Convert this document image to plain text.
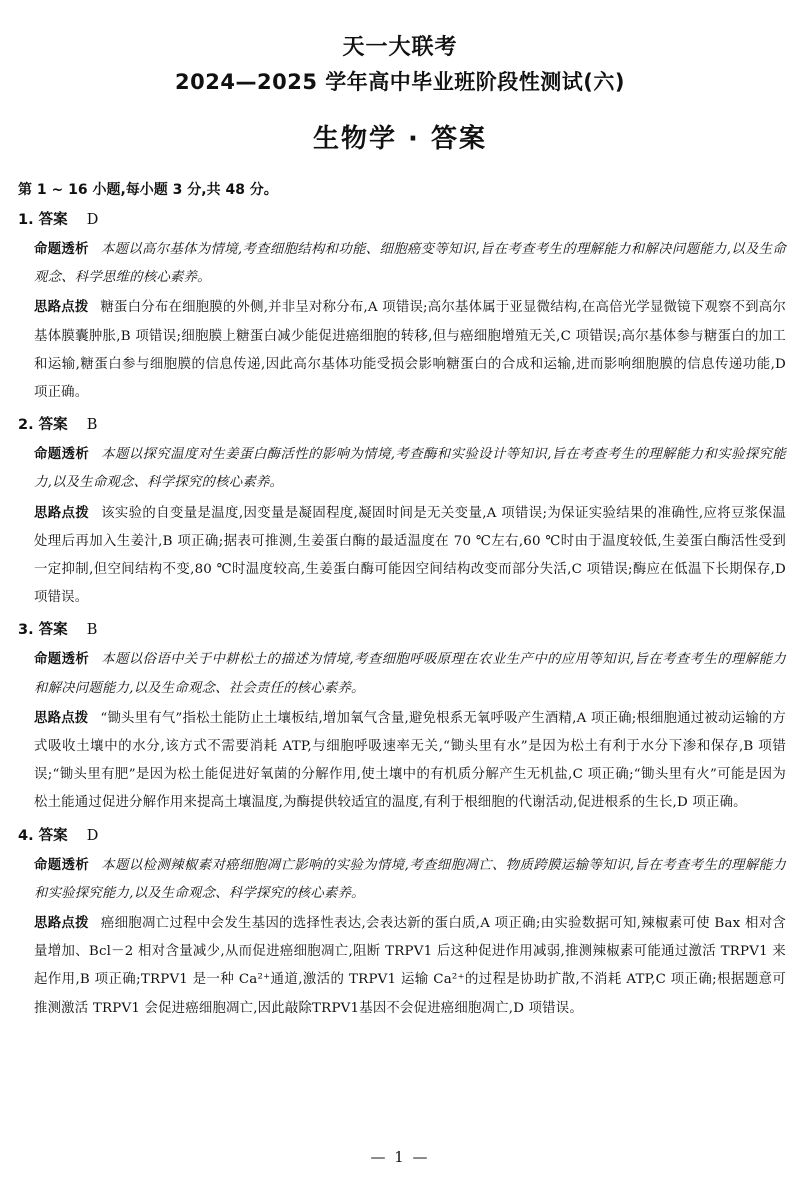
天一大联考
2024—2025 学年高中毕业班阶段性测试(六)
生物学 · 答案
第 1 ~ 16 小题,每小题 3 分,共 48 分。
1. 答案 D
命题透析 本题以高尔基体为情境,考查细胞结构和功能、细胞癌变等知识,旨在考查考生的理解能力和解决问题能力,以及生命观念、科学思维的核心素养。
思路点拨 糖蛋白分布在细胞膜的外侧,并非呈对称分布,A 项错误;高尔基体属于亚显微结构,在高倍光学显微镜下观察不到高尔基体膜囊肿胀,B 项错误;细胞膜上糖蛋白减少能促进癌细胞的转移,但与癌细胞增殖无关,C 项错误;高尔基体参与糖蛋白的加工和运输,糖蛋白参与细胞膜的信息传递,因此高尔基体功能受损会影响糖蛋白的合成和运输,进而影响细胞膜的信息传递功能,D 项正确。
2. 答案 B
命题透析 本题以探究温度对生姜蛋白酶活性的影响为情境,考查酶和实验设计等知识,旨在考查考生的理解能力和实验探究能力,以及生命观念、科学探究的核心素养。
思路点拨 该实验的自变量是温度,因变量是凝固程度,凝固时间是无关变量,A 项错误;为保证实验结果的准确性,应将豆浆保温处理后再加入生姜汁,B 项正确;据表可推测,生姜蛋白酶的最适温度在 70 ℃左右,60 ℃时由于温度较低,生姜蛋白酶活性受到一定抑制,但空间结构不变,80 ℃时温度较高,生姜蛋白酶可能因空间结构改变而部分失活,C 项错误;酶应在低温下长期保存,D 项错误。
3. 答案 B
命题透析 本题以俗语中关于中耕松土的描述为情境,考查细胞呼吸原理在农业生产中的应用等知识,旨在考查考生的理解能力和解决问题能力,以及生命观念、社会责任的核心素养。
思路点拨 “锄头里有气”指松土能防止土壤板结,增加氧气含量,避免根系无氧呼吸产生酒精,A 项正确;根细胞通过被动运输的方式吸收土壤中的水分,该方式不需要消耗 ATP,与细胞呼吸速率无关,“锄头里有水”是因为松土有利于水分下渗和保存,B 项错误;“锄头里有肥”是因为松土能促进好氧菌的分解作用,使土壤中的有机质分解产生无机盐,C 项正确;“锄头里有火”可能是因为松土能通过促进分解作用来提高土壤温度,为酶提供较适宜的温度,有利于根细胞的代谢活动,促进根系的生长,D 项正确。
4. 答案 D
命题透析 本题以检测辣椒素对癌细胞凋亡影响的实验为情境,考查细胞凋亡、物质跨膜运输等知识,旨在考查考生的理解能力和实验探究能力,以及生命观念、科学探究的核心素养。
思路点拨 癌细胞凋亡过程中会发生基因的选择性表达,会表达新的蛋白质,A 项正确;由实验数据可知,辣椒素可使 Bax 相对含量增加、Bcl－2 相对含量减少,从而促进癌细胞凋亡,阻断 TRPV1 后这种促进作用减弱,推测辣椒素可能通过激活 TRPV1 来起作用,B 项正确;TRPV1 是一种 Ca²⁺通道,激活的 TRPV1 运输 Ca²⁺的过程是协助扩散,不消耗 ATP,C 项正确;根据题意可推测激活 TRPV1 会促进癌细胞凋亡,因此敲除TRPV1基因不会促进癌细胞凋亡,D 项错误。
— 1 —
